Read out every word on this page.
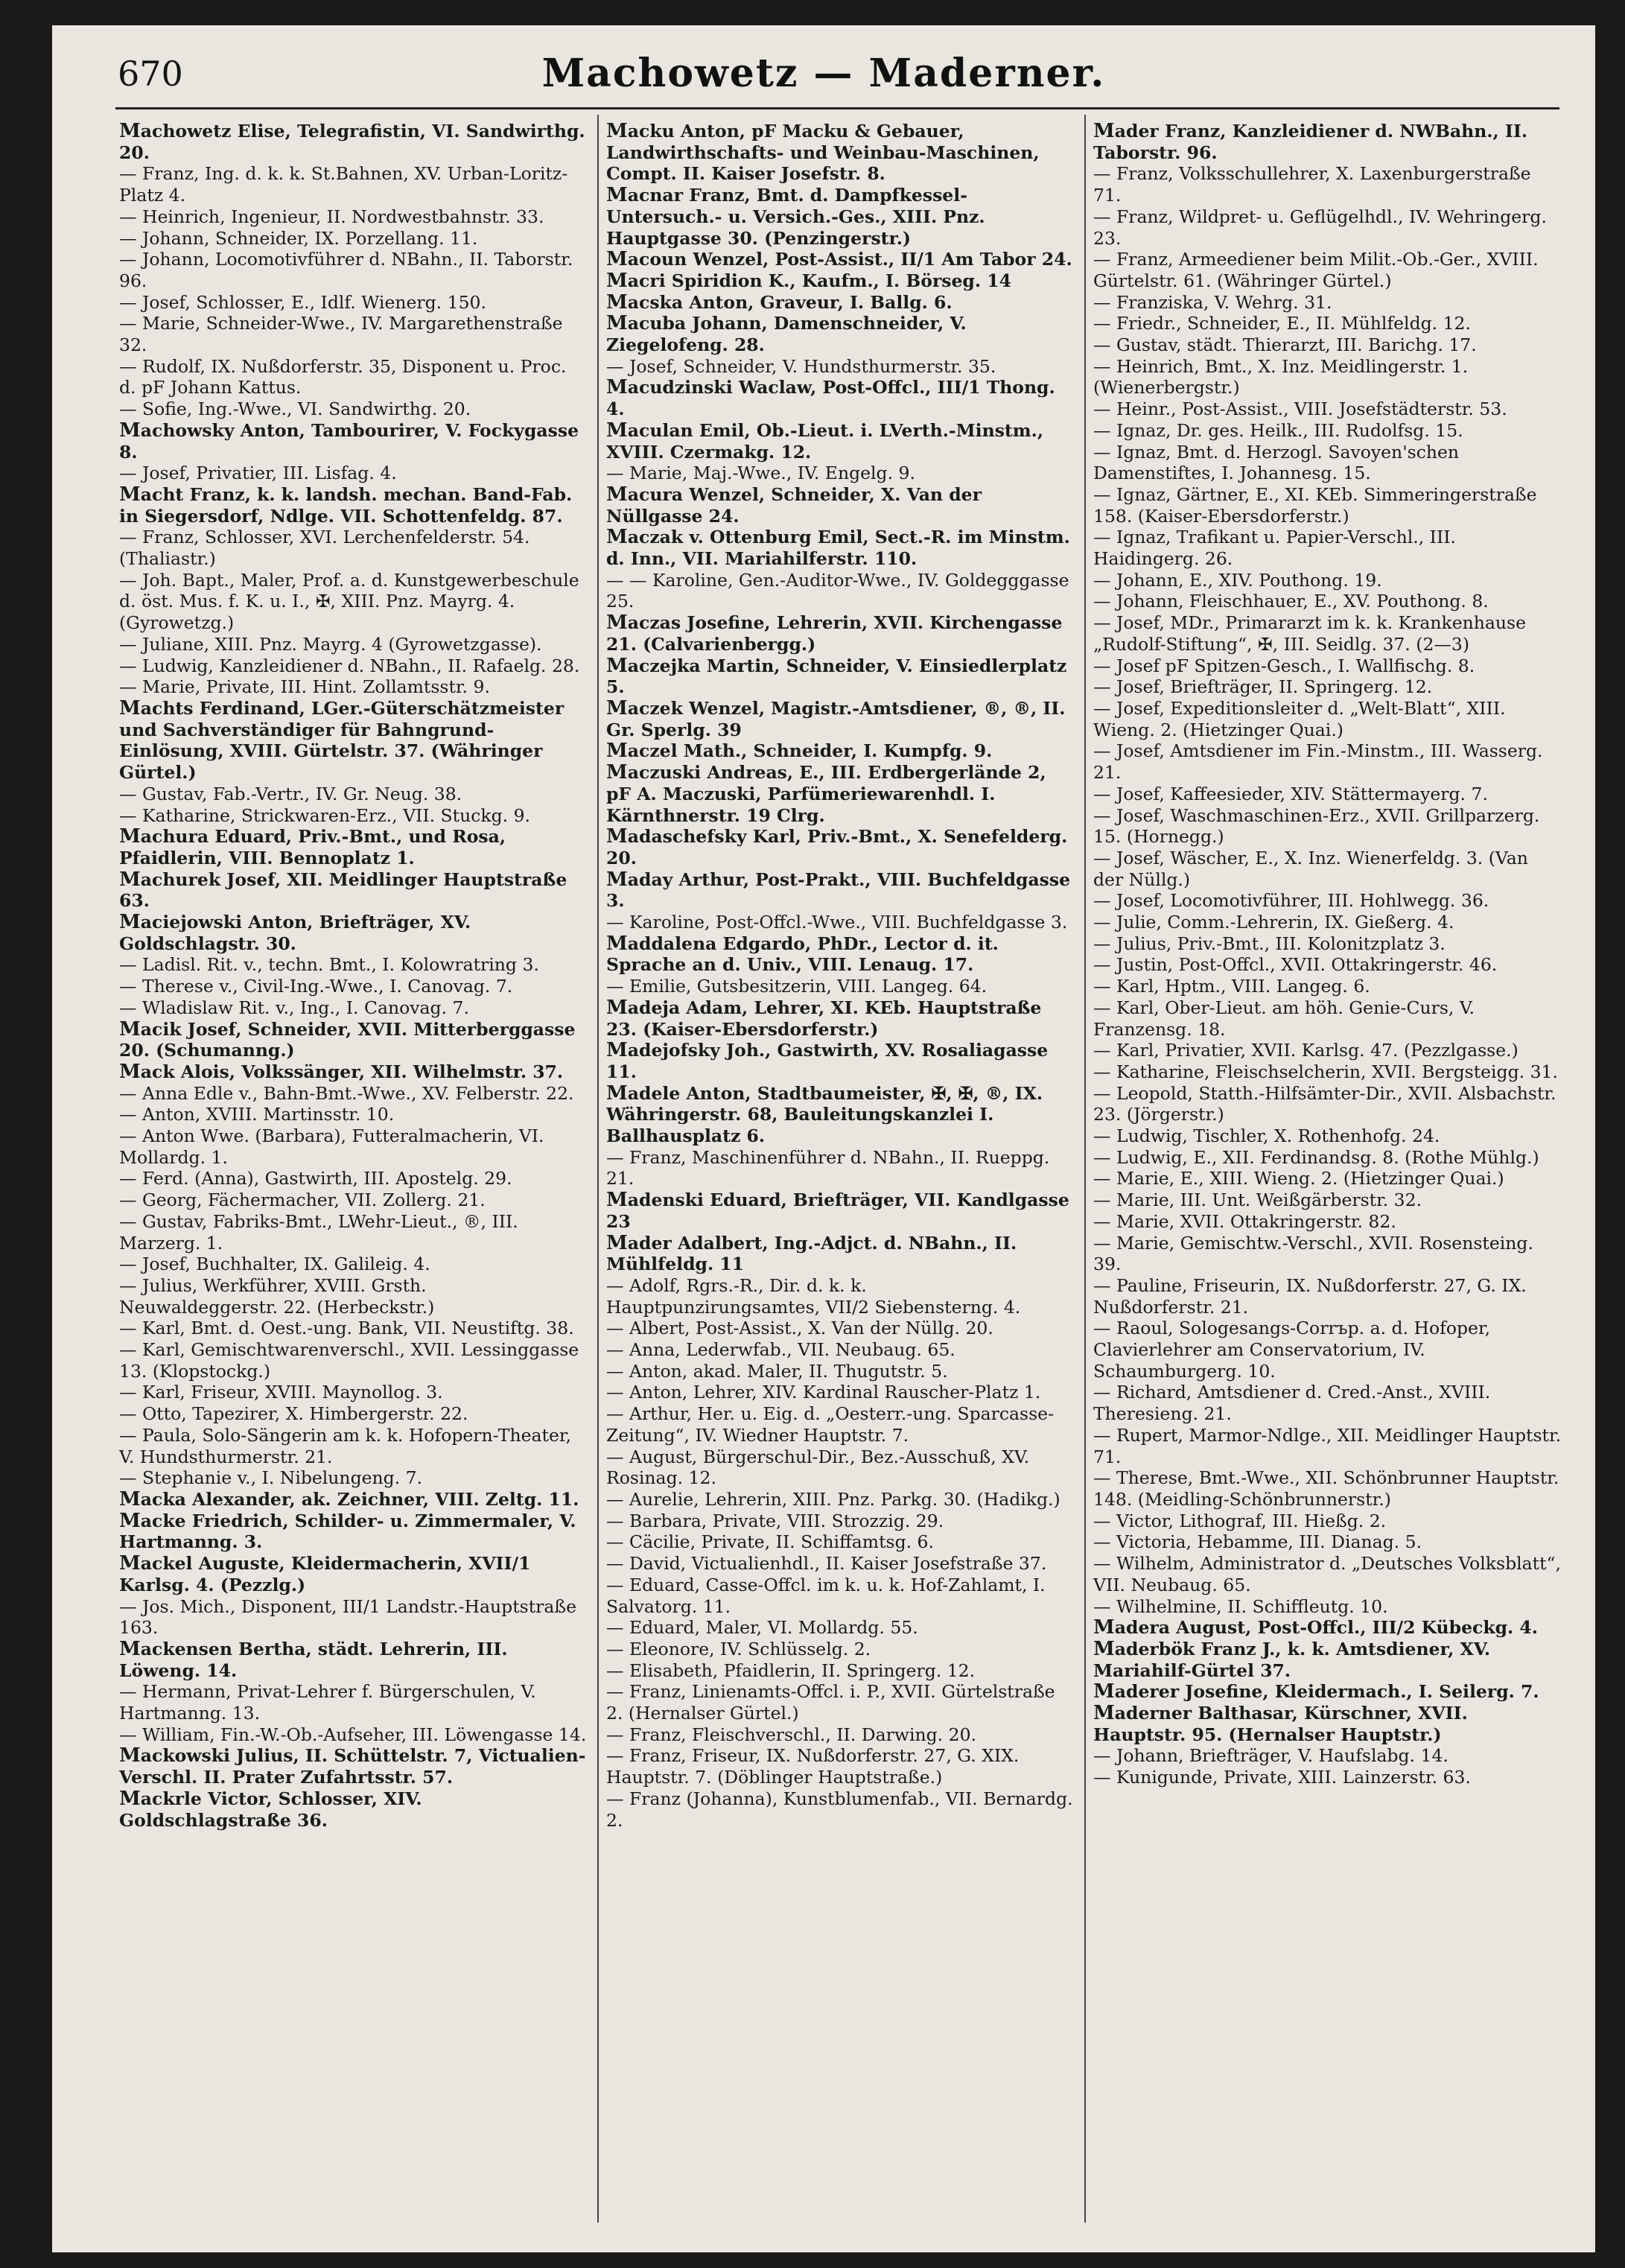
670	Machowetz — Maderner.

Machowetz Elise, Telegrafistin, VI. Sandwirthg. 20.

— Franz, Ing. d. k. k. St.Bahnen, XV. Urban-Loritz-Platz 4.

— Heinrich, Ingenieur, II. Nordwestbahnstr. 33.

— Johann, Schneider, IX. Porzellang. 11.

— Johann, Locomotivführer d. NBahn., II. Taborstr. 96.

— Josef, Schlosser, E., Idlf. Wienerg. 150.

— Marie, Schneider-Wwe., IV. Margarethenstraße 32.

— Rudolf, IX. Nußdorferstr. 35, Disponent u. Proc. d. pF Johann Kattus.

— Sofie, Ing.-Wwe., VI. Sandwirthg. 20.

Machowsky Anton, Tambourirer, V. Fockygasse 8.

— Josef, Privatier, III. Lisfag. 4.

Macht Franz, k. k. landsh. mechan. Band-Fab. in Siegersdorf, Ndlge. VII. Schottenfeldg. 87.

— Franz, Schlosser, XVI. Lerchenfelderstr. 54. (Thaliastr.)

— Joh. Bapt., Maler, Prof. a. d. Kunstgewerbeschule d. öst. Mus. f. K. u. I., ✠, XIII. Pnz. Mayrg. 4. (Gyrowetzg.)

— Juliane, XIII. Pnz. Mayrg. 4 (Gyrowetzgasse).

— Ludwig, Kanzleidiener d. NBahn., II. Rafaelg. 28.

— Marie, Private, III. Hint. Zollamtsstr. 9.

Machts Ferdinand, LGer.-Güterschätzmeister und Sachverständiger für Bahngrund-Einlösung, XVIII. Gürtelstr. 37. (Währinger Gürtel.)

— Gustav, Fab.-Vertr., IV. Gr. Neug. 38.

— Katharine, Strickwaren-Erz., VII. Stuckg. 9.

Machura Eduard, Priv.-Bmt., und Rosa, Pfaidlerin, VIII. Bennoplatz 1.

Machurek Josef, XII. Meidlinger Hauptstraße 63.

Maciejowski Anton, Briefträger, XV. Goldschlagstr. 30.

— Ladisl. Rit. v., techn. Bmt., I. Kolowratring 3.

— Therese v., Civil-Ing.-Wwe., I. Canovag. 7.

— Wladislaw Rit. v., Ing., I. Canovag. 7.

Macik Josef, Schneider, XVII. Mitterberggasse 20. (Schumanng.)

Mack Alois, Volkssänger, XII. Wilhelmstr. 37.

— Anna Edle v., Bahn-Bmt.-Wwe., XV. Felberstr. 22.

— Anton, XVIII. Martinsstr. 10.

— Anton Wwe. (Barbara), Futteralmacherin, VI. Mollardg. 1.

— Ferd. (Anna), Gastwirth, III. Apostelg. 29.

— Georg, Fächermacher, VII. Zollerg. 21.

— Gustav, Fabriks-Bmt., LWehr-Lieut., ®, III. Marzerg. 1.

— Josef, Buchhalter, IX. Galileig. 4.

— Julius, Werkführer, XVIII. Grsth. Neuwaldeggerstr. 22. (Herbeckstr.)

— Karl, Bmt. d. Oest.-ung. Bank, VII. Neustiftg. 38.

— Karl, Gemischtwarenverschl., XVII. Lessinggasse 13. (Klopstockg.)

— Karl, Friseur, XVIII. Maynollog. 3.

— Otto, Tapezirer, X. Himbergerstr. 22.

— Paula, Solo-Sängerin am k. k. Hofopern-Theater, V. Hundsthurmerstr. 21.

— Stephanie v., I. Nibelungeng. 7.

Macka Alexander, ak. Zeichner, VIII. Zeltg. 11.

Macke Friedrich, Schilder- u. Zimmermaler, V. Hartmanng. 3.

Mackel Auguste, Kleidermacherin, XVII/1 Karlsg. 4. (Pezzlg.)

— Jos. Mich., Disponent, III/1 Landstr.-Hauptstraße 163.

Mackensen Bertha, städt. Lehrerin, III. Löweng. 14.

— Hermann, Privat-Lehrer f. Bürgerschulen, V. Hartmanng. 13.

— William, Fin.-W.-Ob.-Aufseher, III. Löwengasse 14.

Mackowski Julius, II. Schüttelstr. 7, Victualien-Verschl. II. Prater Zufahrtsstr. 57.

Mackrle Victor, Schlosser, XIV. Goldschlagstraße 36.

Macku Anton, pF Macku & Gebauer, Landwirthschafts- und Weinbau-Maschinen, Compt. II. Kaiser Josefstr. 8.

Macnar Franz, Bmt. d. Dampfkessel-Untersuch.- u. Versich.-Ges., XIII. Pnz. Hauptgasse 30. (Penzingerstr.)

Macoun Wenzel, Post-Assist., II/1 Am Tabor 24.

Macri Spiridion K., Kaufm., I. Börseg. 14

Macska Anton, Graveur, I. Ballg. 6.

Macuba Johann, Damenschneider, V. Ziegelofeng. 28.

— Josef, Schneider, V. Hundsthurmerstr. 35.

Macudzinski Waclaw, Post-Offcl., III/1 Thong. 4.

Maculan Emil, Ob.-Lieut. i. LVerth.-Minstm., XVIII. Czermakg. 12.

— Marie, Maj.-Wwe., IV. Engelg. 9.

Macura Wenzel, Schneider, X. Van der Nüllgasse 24.

Maczak v. Ottenburg Emil, Sect.-R. im Minstm. d. Inn., VII. Mariahilferstr. 110.

— — Karoline, Gen.-Auditor-Wwe., IV. Goldegggasse 25.

Maczas Josefine, Lehrerin, XVII. Kirchengasse 21. (Calvarienbergg.)

Maczejka Martin, Schneider, V. Einsiedlerplatz 5.

Maczek Wenzel, Magistr.-Amtsdiener, ®, ®, II. Gr. Sperlg. 39

Maczel Math., Schneider, I. Kumpfg. 9.

Maczuski Andreas, E., III. Erdbergerlände 2, pF A. Maczuski, Parfümeriewarenhdl. I. Kärnthnerstr. 19 Clrg.

Madaschefsky Karl, Priv.-Bmt., X. Senefelderg. 20.

Maday Arthur, Post-Prakt., VIII. Buchfeldgasse 3.

— Karoline, Post-Offcl.-Wwe., VIII. Buchfeldgasse 3.

Maddalena Edgardo, PhDr., Lector d. it. Sprache an d. Univ., VIII. Lenaug. 17.

— Emilie, Gutsbesitzerin, VIII. Langeg. 64.

Madeja Adam, Lehrer, XI. KEb. Hauptstraße 23. (Kaiser-Ebersdorferstr.)

Madejofsky Joh., Gastwirth, XV. Rosaliagasse 11.

Madele Anton, Stadtbaumeister, ✠, ✠, ®, IX. Währingerstr. 68, Bauleitungskanzlei I. Ballhausplatz 6.

— Franz, Maschinenführer d. NBahn., II. Rueppg. 21.

Madenski Eduard, Briefträger, VII. Kandlgasse 23

Mader Adalbert, Ing.-Adjct. d. NBahn., II. Mühlfeldg. 11

— Adolf, Rgrs.-R., Dir. d. k. k. Hauptpunzirungsamtes, VII/2 Siebensterng. 4.

— Albert, Post-Assist., X. Van der Nüllg. 20.

— Anna, Lederwfab., VII. Neubaug. 65.

— Anton, akad. Maler, II. Thugutstr. 5.

— Anton, Lehrer, XIV. Kardinal Rauscher-Platz 1.

— Arthur, Her. u. Eig. d. „Oesterr.-ung. Sparcasse-Zeitung“, IV. Wiedner Hauptstr. 7.

— August, Bürgerschul-Dir., Bez.-Ausschuß, XV. Rosinag. 12.

— Aurelie, Lehrerin, XIII. Pnz. Parkg. 30. (Hadikg.)

— Barbara, Private, VIII. Strozzig. 29.

— Cäcilie, Private, II. Schiffamtsg. 6.

— David, Victualienhdl., II. Kaiser Josefstraße 37.

— Eduard, Casse-Offcl. im k. u. k. Hof-Zahlamt, I. Salvatorg. 11.

— Eduard, Maler, VI. Mollardg. 55.

— Eleonore, IV. Schlüsselg. 2.

— Elisabeth, Pfaidlerin, II. Springerg. 12.

— Franz, Linienamts-Offcl. i. P., XVII. Gürtelstraße 2. (Hernalser Gürtel.)

— Franz, Fleischverschl., II. Darwing. 20.

— Franz, Friseur, IX. Nußdorferstr. 27, G. XIX. Hauptstr. 7. (Döblinger Hauptstraße.)

— Franz (Johanna), Kunstblumenfab., VII. Bernardg. 2.

Mader Franz, Kanzleidiener d. NWBahn., II. Taborstr. 96.

— Franz, Volksschullehrer, X. Laxenburgerstraße 71.

— Franz, Wildpret- u. Geflügelhdl., IV. Wehringerg. 23.

— Franz, Armeediener beim Milit.-Ob.-Ger., XVIII. Gürtelstr. 61. (Währinger Gürtel.)

— Franziska, V. Wehrg. 31.

— Friedr., Schneider, E., II. Mühlfeldg. 12.

— Gustav, städt. Thierarzt, III. Barichg. 17.

— Heinrich, Bmt., X. Inz. Meidlingerstr. 1. (Wienerbergstr.)

— Heinr., Post-Assist., VIII. Josefstädterstr. 53.

— Ignaz, Dr. ges. Heilk., III. Rudolfsg. 15.

— Ignaz, Bmt. d. Herzogl. Savoyen'schen Damenstiftes, I. Johannesg. 15.

— Ignaz, Gärtner, E., XI. KEb. Simmeringerstraße 158. (Kaiser-Ebersdorferstr.)

— Ignaz, Trafikant u. Papier-Verschl., III. Haidingerg. 26.

— Johann, E., XIV. Pouthong. 19.

— Johann, Fleischhauer, E., XV. Pouthong. 8.

— Josef, MDr., Primararzt im k. k. Krankenhause „Rudolf-Stiftung“, ✠, III. Seidlg. 37. (2—3)

— Josef pF Spitzen-Gesch., I. Wallfischg. 8.

— Josef, Briefträger, II. Springerg. 12.

— Josef, Expeditionsleiter d. „Welt-Blatt“, XIII. Wieng. 2. (Hietzinger Quai.)

— Josef, Amtsdiener im Fin.-Minstm., III. Wasserg. 21.

— Josef, Kaffeesieder, XIV. Stättermayerg. 7.

— Josef, Waschmaschinen-Erz., XVII. Grillparzerg. 15. (Hornegg.)

— Josef, Wäscher, E., X. Inz. Wienerfeldg. 3. (Van der Nüllg.)

— Josef, Locomotivführer, III. Hohlwegg. 36.

— Julie, Comm.-Lehrerin, IX. Gießerg. 4.

— Julius, Priv.-Bmt., III. Kolonitzplatz 3.

— Justin, Post-Offcl., XVII. Ottakringerstr. 46.

— Karl, Hptm., VIII. Langeg. 6.

— Karl, Ober-Lieut. am höh. Genie-Curs, V. Franzensg. 18.

— Karl, Privatier, XVII. Karlsg. 47. (Pezzlgasse.)

— Katharine, Fleischselcherin, XVII. Bergsteigg. 31.

— Leopold, Statth.-Hilfsämter-Dir., XVII. Alsbachstr. 23. (Jörgerstr.)

— Ludwig, Tischler, X. Rothenhofg. 24.

— Ludwig, E., XII. Ferdinandsg. 8. (Rothe Mühlg.)

— Marie, E., XIII. Wieng. 2. (Hietzinger Quai.)

— Marie, III. Unt. Weißgärberstr. 32.

— Marie, XVII. Ottakringerstr. 82.

— Marie, Gemischtw.-Verschl., XVII. Rosensteing. 39.

— Pauline, Friseurin, IX. Nußdorferstr. 27, G. IX. Nußdorferstr. 21.

— Raoul, Sologesangs-Corrър. a. d. Hofoper, Clavierlehrer am Conservatorium, IV. Schaumburgerg. 10.

— Richard, Amtsdiener d. Cred.-Anst., XVIII. Theresieng. 21.

— Rupert, Marmor-Ndlge., XII. Meidlinger Hauptstr. 71.

— Therese, Bmt.-Wwe., XII. Schönbrunner Hauptstr. 148. (Meidling-Schönbrunnerstr.)

— Victor, Lithograf, III. Hießg. 2.

— Victoria, Hebamme, III. Dianag. 5.

— Wilhelm, Administrator d. „Deutsches Volksblatt“, VII. Neubaug. 65.

— Wilhelmine, II. Schiffleutg. 10.

Madera August, Post-Offcl., III/2 Kübeckg. 4.

Maderbök Franz J., k. k. Amtsdiener, XV. Mariahilf-Gürtel 37.

Maderer Josefine, Kleidermach., I. Seilerg. 7.

Maderner Balthasar, Kürschner, XVII. Hauptstr. 95. (Hernalser Hauptstr.)

— Johann, Briefträger, V. Haufslabg. 14.

— Kunigunde, Private, XIII. Lainzerstr. 63.
